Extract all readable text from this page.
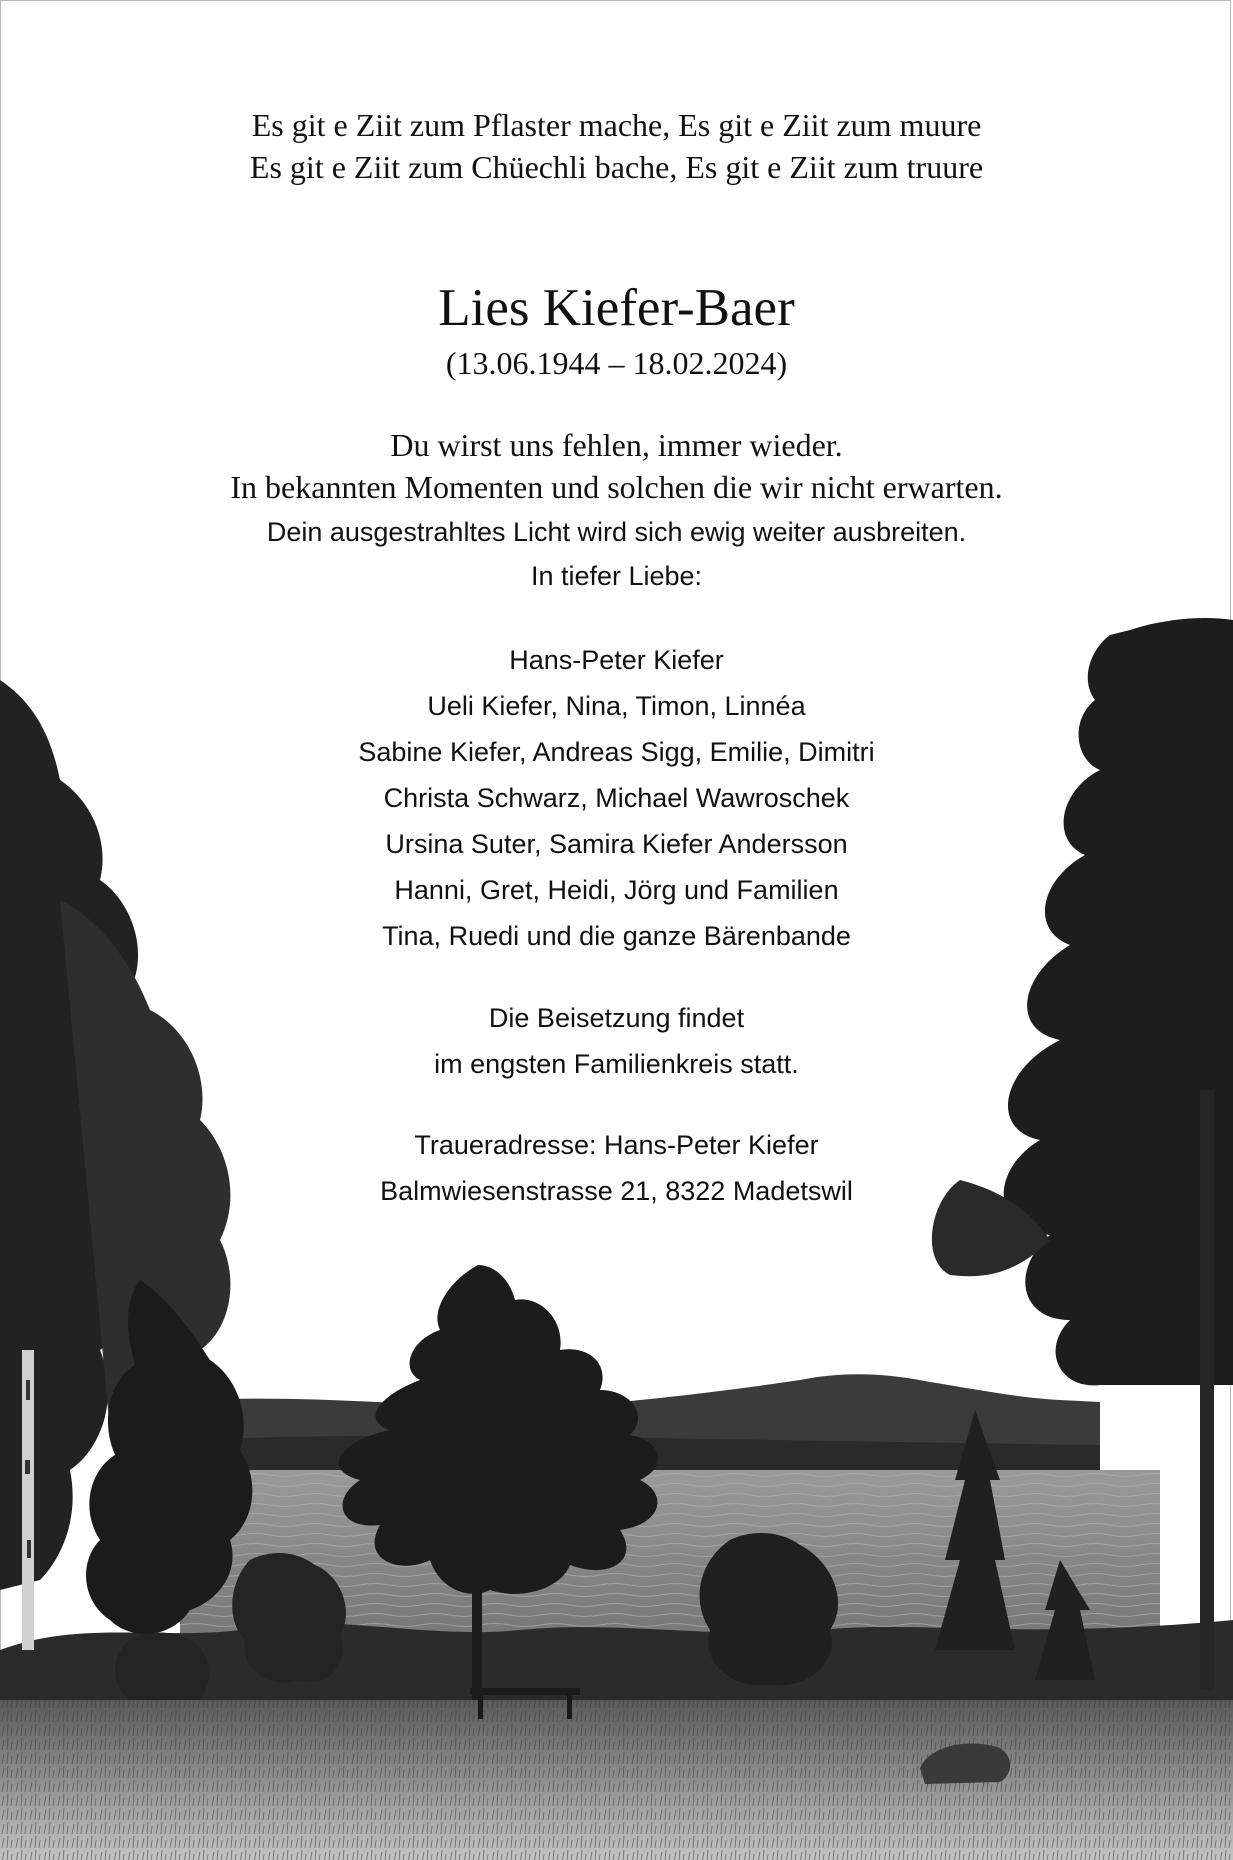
Es git e Ziit zum Pflaster mache, Es git e Ziit zum muure
Es git e Ziit zum Chüechli bache, Es git e Ziit zum truure
Lies Kiefer-Baer
(13.06.1944 – 18.02.2024)
Du wirst uns fehlen, immer wieder.
In bekannten Momenten und solchen die wir nicht erwarten.
Dein ausgestrahltes Licht wird sich ewig weiter ausbreiten.
In tiefer Liebe:
Hans-Peter Kiefer
Ueli Kiefer, Nina, Timon, Linnéa
Sabine Kiefer, Andreas Sigg, Emilie, Dimitri
Christa Schwarz, Michael Wawroschek
Ursina Suter, Samira Kiefer Andersson
Hanni, Gret, Heidi, Jörg und Familien
Tina, Ruedi und die ganze Bärenbande
Die Beisetzung findet
im engsten Familienkreis statt.
Traueradresse: Hans-Peter Kiefer
Balmwiesenstrasse 21, 8322 Madetswil
